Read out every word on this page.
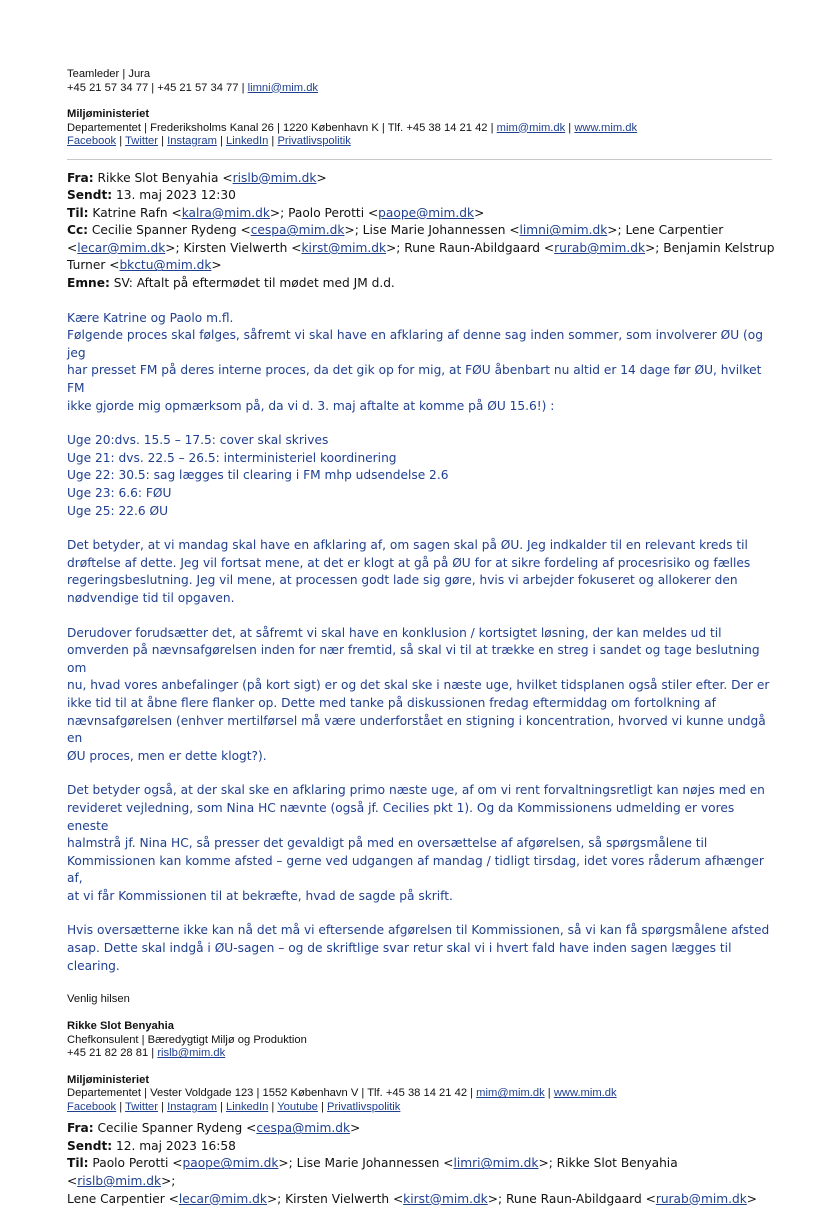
Teamleder | Jura
+45 21 57 34 77 | +45 21 57 34 77 | limni@mim.dk
Miljøministeriet
Departementet | Frederiksholms Kanal 26 | 1220 København K | Tlf. +45 38 14 21 42 | mim@mim.dk | www.mim.dk
Facebook | Twitter | Instagram | LinkedIn | Privatlivspolitik
Fra: Rikke Slot Benyahia <rislb@mim.dk>
Sendt: 13. maj 2023 12:30
Til: Katrine Rafn <kalra@mim.dk>; Paolo Perotti <paope@mim.dk>
Cc: Cecilie Spanner Rydeng <cespa@mim.dk>; Lise Marie Johannessen <limni@mim.dk>; Lene Carpentier
<lecar@mim.dk>; Kirsten Vielwerth <kirst@mim.dk>; Rune Raun-Abildgaard <rurab@mim.dk>; Benjamin Kelstrup
Turner <bkctu@mim.dk>
Emne: SV: Aftalt på eftermødet til mødet med JM d.d.

Kære Katrine og Paolo m.fl.

Følgende proces skal følges, såfremt vi skal have en afklaring af denne sag inden sommer, som involverer ØU (og jeg

har presset FM på deres interne proces, da det gik op for mig, at FØU åbenbart nu altid er 14 dage før ØU, hvilket FM

ikke gjorde mig opmærksom på, da vi d. 3. maj aftalte at komme på ØU 15.6!) :

Uge 20:dvs. 15.5 – 17.5: cover skal skrives

Uge 21: dvs. 22.5 – 26.5: interministeriel koordinering

Uge 22: 30.5: sag lægges til clearing i FM mhp udsendelse 2.6

Uge 23: 6.6: FØU

Uge 25: 22.6 ØU

Det betyder, at vi mandag skal have en afklaring af, om sagen skal på ØU. Jeg indkalder til en relevant kreds til

drøftelse af dette. Jeg vil fortsat mene, at det er klogt at gå på ØU for at sikre fordeling af procesrisiko og fælles

regeringsbeslutning. Jeg vil mene, at processen godt lade sig gøre, hvis vi arbejder fokuseret og allokerer den

nødvendige tid til opgaven.

Derudover forudsætter det, at såfremt vi skal have en konklusion / kortsigtet løsning, der kan meldes ud til

omverden på nævnsafgørelsen inden for nær fremtid, så skal vi til at trække en streg i sandet og tage beslutning om

nu, hvad vores anbefalinger (på kort sigt) er og det skal ske i næste uge, hvilket tidsplanen også stiler efter. Der er

ikke tid til at åbne flere flanker op. Dette med tanke på diskussionen fredag eftermiddag om fortolkning af

nævnsafgørelsen (enhver mertilførsel må være underforstået en stigning i koncentration, hvorved vi kunne undgå en

ØU proces, men er dette klogt?).

Det betyder også, at der skal ske en afklaring primo næste uge, af om vi rent forvaltningsretligt kan nøjes med en

revideret vejledning, som Nina HC nævnte (også jf. Cecilies pkt 1). Og da Kommissionens udmelding er vores eneste

halmstrå jf. Nina HC, så presser det gevaldigt på med en oversættelse af afgørelsen, så spørgsmålene til

Kommissionen kan komme afsted – gerne ved udgangen af mandag / tidligt tirsdag, idet vores råderum afhænger af,

at vi får Kommissionen til at bekræfte, hvad de sagde på skrift.

Hvis oversætterne ikke kan nå det må vi eftersende afgørelsen til Kommissionen, så vi kan få spørgsmålene afsted

asap. Dette skal indgå i ØU-sagen – og de skriftlige svar retur skal vi i hvert fald have inden sagen lægges til clearing.

Venlig hilsen
Rikke Slot Benyahia
Chefkonsulent | Bæredygtigt Miljø og Produktion
+45 21 82 28 81 | rislb@mim.dk
Miljøministeriet
Departementet | Vester Voldgade 123 | 1552 København V | Tlf. +45 38 14 21 42 | mim@mim.dk | www.mim.dk
Facebook | Twitter | Instagram | LinkedIn | Youtube | Privatlivspolitik
Fra: Cecilie Spanner Rydeng <cespa@mim.dk>
Sendt: 12. maj 2023 16:58
Til: Paolo Perotti <paope@mim.dk>; Lise Marie Johannessen <limri@mim.dk>; Rikke Slot Benyahia <rislb@mim.dk>;
Lene Carpentier <lecar@mim.dk>; Kirsten Vielwerth <kirst@mim.dk>; Rune Raun-Abildgaard <rurab@mim.dk>
